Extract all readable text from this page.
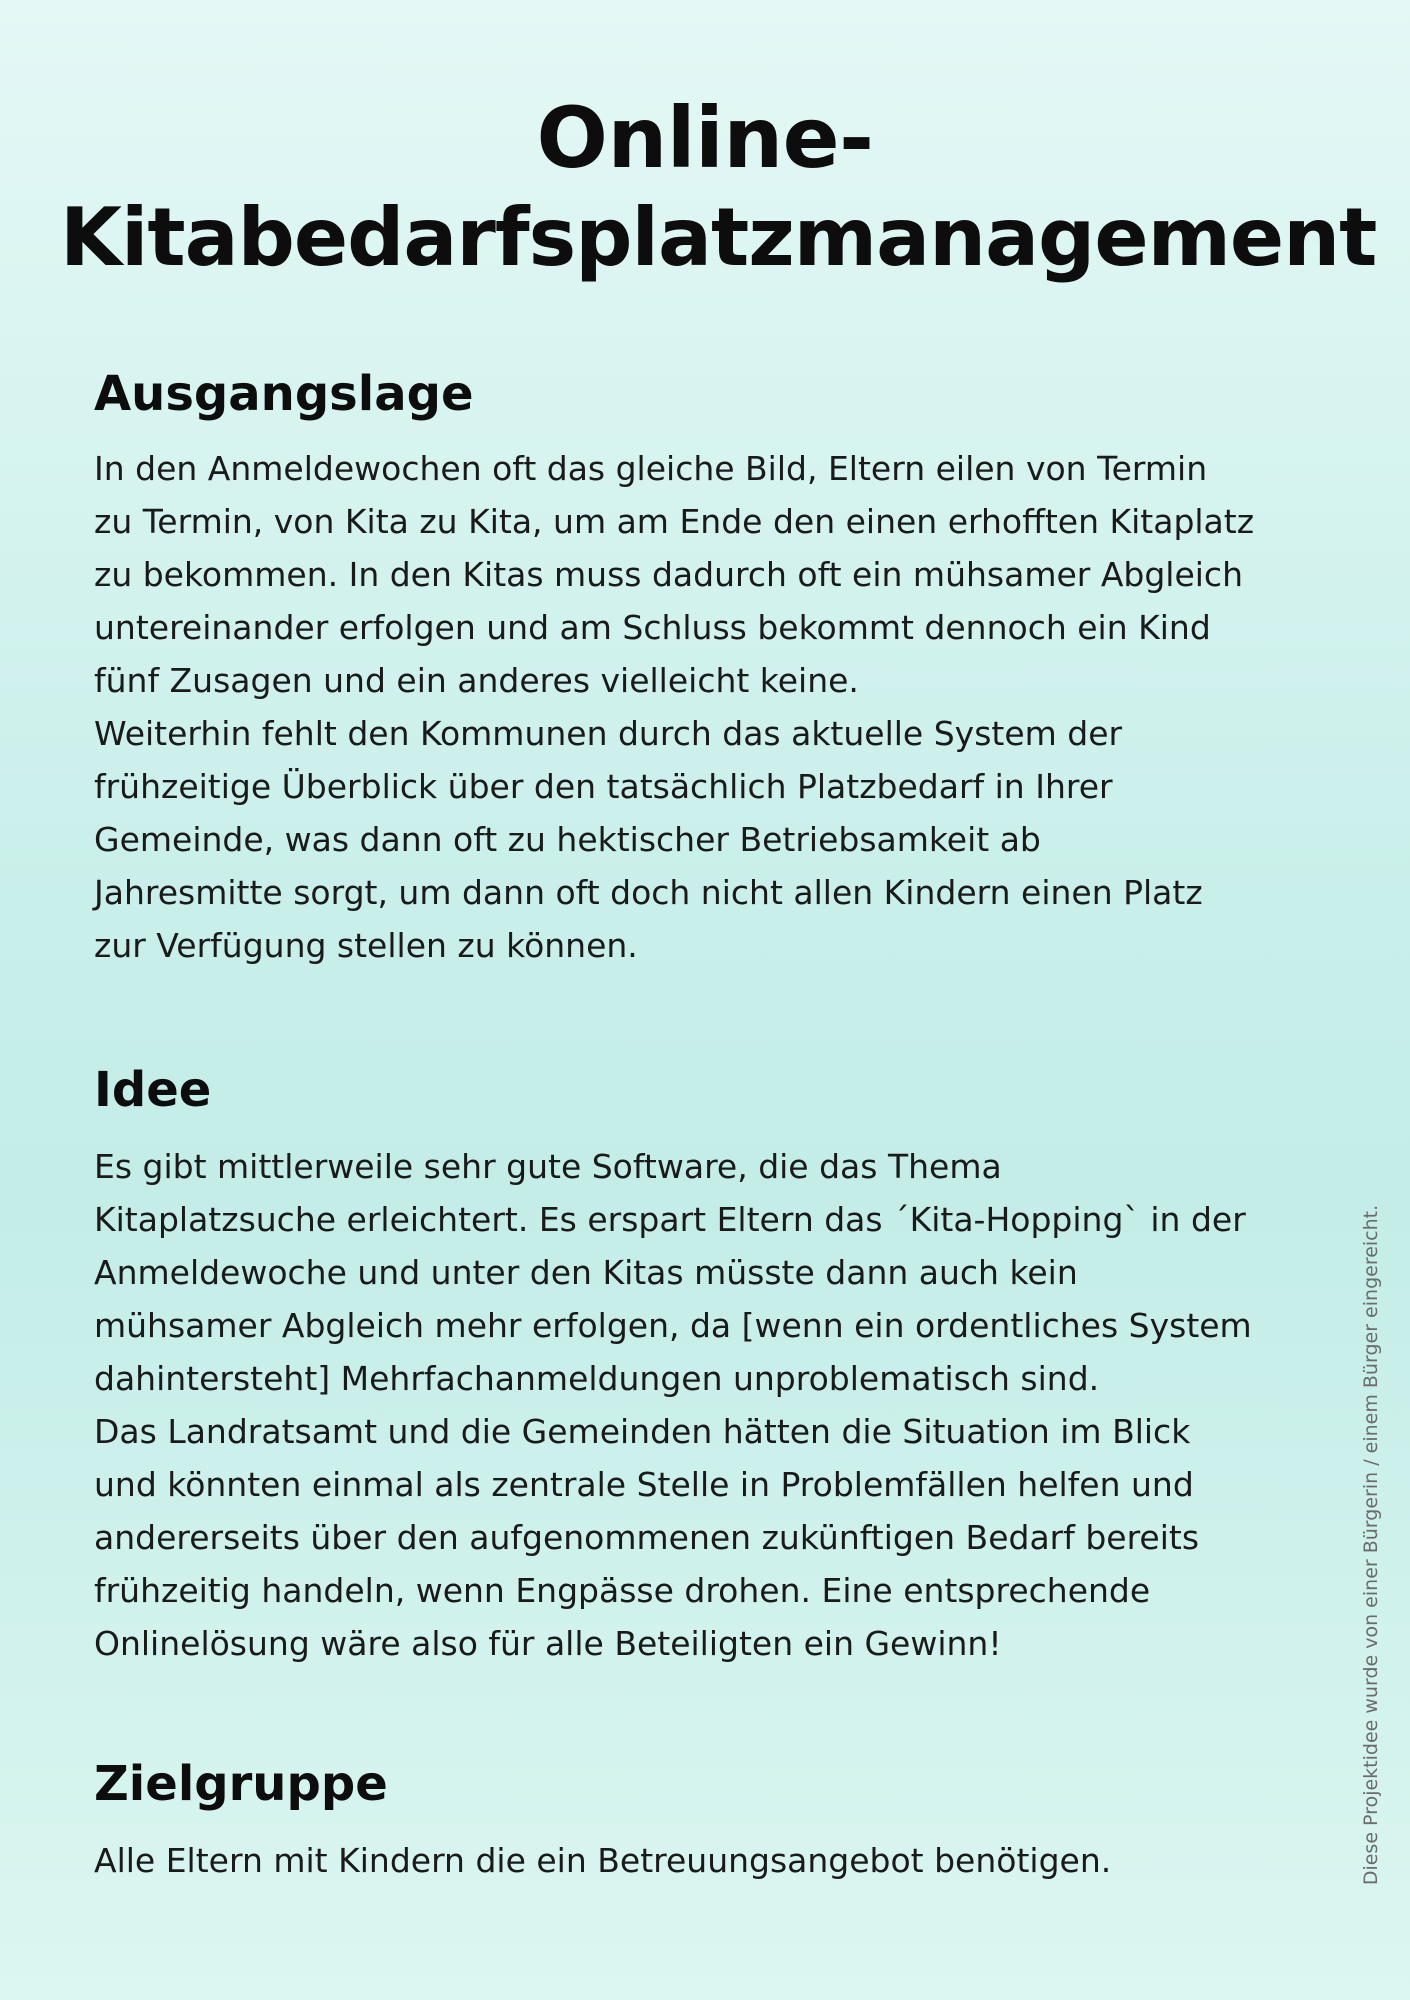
Online-
Kitabedarfsplatzmanagement
Ausgangslage

In den Anmeldewochen oft das gleiche Bild, Eltern eilen von Termin
zu Termin, von Kita zu Kita, um am Ende den einen erhofften Kitaplatz
zu bekommen. In den Kitas muss dadurch oft ein mühsamer Abgleich
untereinander erfolgen und am Schluss bekommt dennoch ein Kind
fünf Zusagen und ein anderes vielleicht keine.
Weiterhin fehlt den Kommunen durch das aktuelle System der
frühzeitige Überblick über den tatsächlich Platzbedarf in Ihrer
Gemeinde, was dann oft zu hektischer Betriebsamkeit ab
Jahresmitte sorgt, um dann oft doch nicht allen Kindern einen Platz
zur Verfügung stellen zu können.

Idee

Es gibt mittlerweile sehr gute Software, die das Thema
Kitaplatzsuche erleichtert. Es erspart Eltern das ´Kita-Hopping` in der
Anmeldewoche und unter den Kitas müsste dann auch kein
mühsamer Abgleich mehr erfolgen, da [wenn ein ordentliches System
dahintersteht] Mehrfachanmeldungen unproblematisch sind.
Das Landratsamt und die Gemeinden hätten die Situation im Blick
und könnten einmal als zentrale Stelle in Problemfällen helfen und
andererseits über den aufgenommenen zukünftigen Bedarf bereits
frühzeitig handeln, wenn Engpässe drohen. Eine entsprechende
Onlinelösung wäre also für alle Beteiligten ein Gewinn!

Zielgruppe

Alle Eltern mit Kindern die ein Betreuungsangebot benötigen.	Diese Projektidee wurde von einer Bürgerin / einem Bürger eingereicht.
